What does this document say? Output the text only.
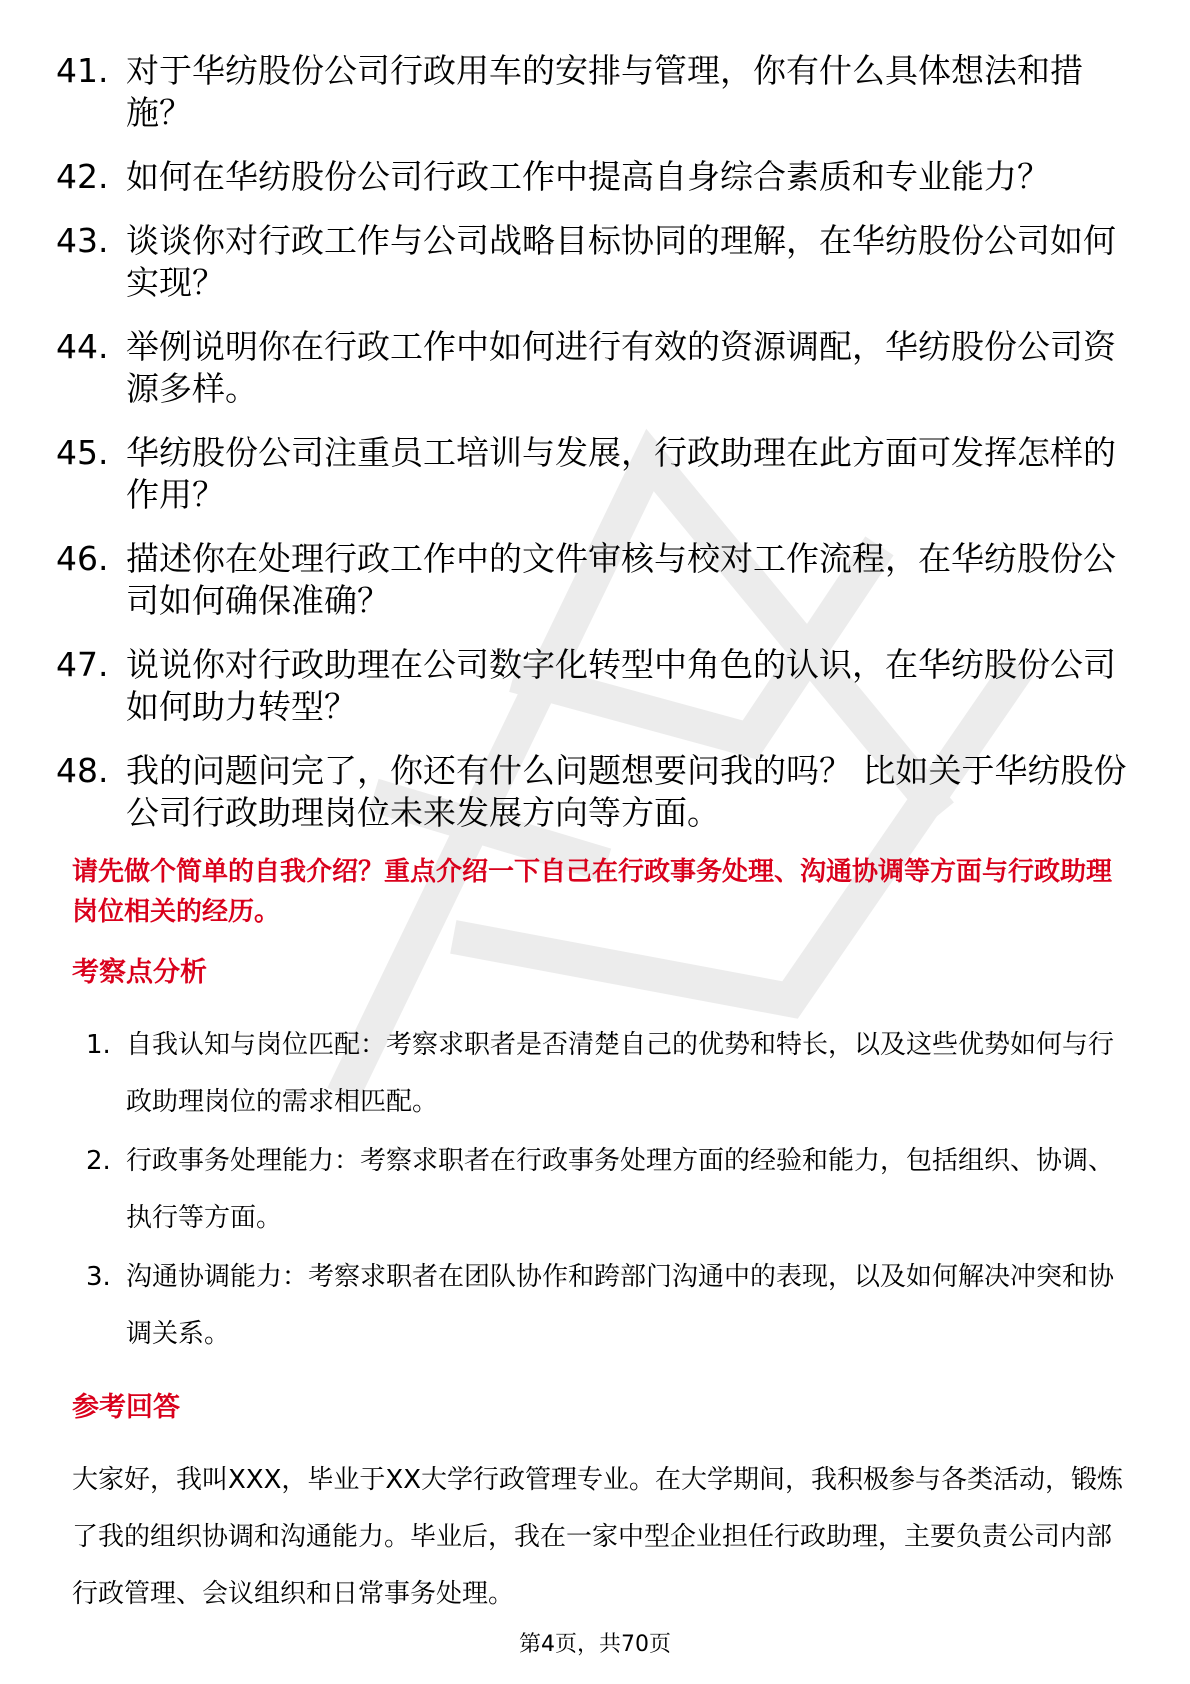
41. 对于华纺股份公司行政用车的安排与管理，你有什么具体想法和措施？
42. 如何在华纺股份公司行政工作中提高自身综合素质和专业能力？
43. 谈谈你对行政工作与公司战略目标协同的理解，在华纺股份公司如何实现？
44. 举例说明你在行政工作中如何进行有效的资源调配，华纺股份公司资源多样。
45. 华纺股份公司注重员工培训与发展，行政助理在此方面可发挥怎样的作用？
46. 描述你在处理行政工作中的文件审核与校对工作流程，在华纺股份公司如何确保准确？
47. 说说你对行政助理在公司数字化转型中角色的认识，在华纺股份公司如何助力转型？
48. 我的问题问完了，你还有什么问题想要问我的吗？ 比如关于华纺股份公司行政助理岗位未来发展方向等方面。

请先做个简单的自我介绍？重点介绍一下自己在行政事务处理、沟通协调等方面与行政助理岗位相关的经历。

考察点分析
1. 自我认知与岗位匹配：考察求职者是否清楚自己的优势和特长，以及这些优势如何与行政助理岗位的需求相匹配。
2. 行政事务处理能力：考察求职者在行政事务处理方面的经验和能力，包括组织、协调、执行等方面。
3. 沟通协调能力：考察求职者在团队协作和跨部门沟通中的表现，以及如何解决冲突和协调关系。
参考回答

大家好，我叫XXX，毕业于XX大学行政管理专业。在大学期间，我积极参与各类活动，锻炼了我的组织协调和沟通能力。毕业后，我在一家中型企业担任行政助理，主要负责公司内部行政管理、会议组织和日常事务处理。

第4页，共70页
